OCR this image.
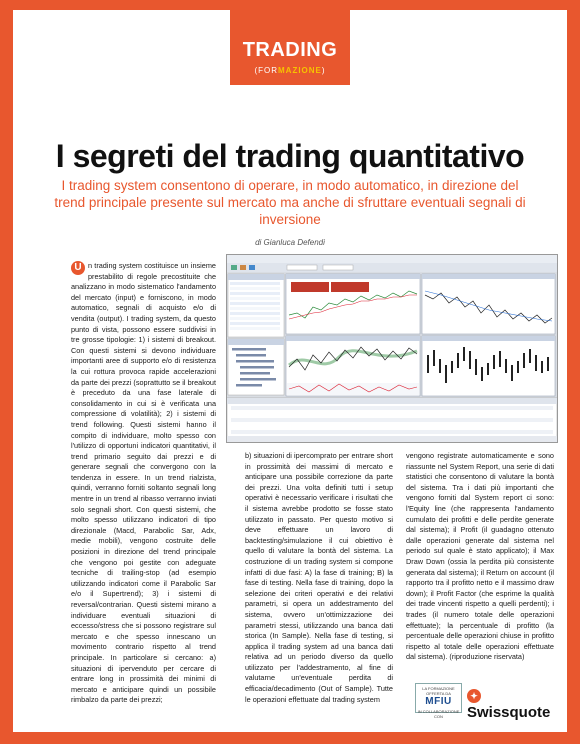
TRADING
(FORMAZIONE)
I segreti del trading quantitativo
I trading system consentono di operare, in modo automatico, in direzione del trend principale presente sul mercato ma anche di sfruttare eventuali segnali di inversione
di Gianluca Defendi
U n trading system costituisce un insieme prestabilito di regole precostituite che analizzano in modo sistematico l'andamento del mercato (input) e forniscono, in modo automatico, segnali di acquisto e/o di vendita (output). I trading system, da questo punto di vista, possono essere suddivisi in tre grosse tipologie: 1) i sistemi di breakout. Con questi sistemi si devono individuare importanti aree di supporto e/o di resistenza la cui rottura provoca rapide accelerazioni da parte dei prezzi (soprattutto se il breakout è preceduto da una fase laterale di consolidamento in cui si è verificata una compressione di volatilità); 2) i sistemi di trend following. Questi sistemi hanno il compito di individuare, molto spesso con l'utilizzo di opportuni indicatori quantitativi, il trend primario seguito dai prezzi e di generare segnali che convergono con la tendenza in essere. In un trend rialzista, quindi, verranno forniti soltanto segnali long mentre in un trend al ribasso verranno inviati solo segnali short. Con questi sistemi, che molto spesso utilizzano indicatori di tipo direzionale (Macd, Parabolic Sar, Adx, medie mobili), vengono costruite delle posizioni in direzione del trend principale che vengono poi gestite con adeguate tecniche di trailing-stop (ad esempio utilizzando indicatori come il Parabolic Sar e/o il Supertrend); 3) i sistemi di reversal/contrarian. Questi sistemi mirano a individuare eventuali situazioni di eccesso/stress che si possono registrare sul mercato e che spesso innescano un movimento contrario rispetto al trend principale. In particolare si cercano: a) situazioni di ipervenduto per cercare di entrare long in prossimità dei minimi di mercato e anticipare quindi un possibile rimbalzo da parte dei prezzi;

b) situazioni di ipercomprato per entrare short in prossimità dei massimi di mercato e anticipare una possibile correzione da parte dei prezzi. Una volta definiti tutti i setup operativi è necessario verificare i risultati che il sistema avrebbe prodotto se fosse stato utilizzato in passato. Per questo motivo si deve effettuare un lavoro di backtesting/simulazione il cui obiettivo è quello di valutare la bontà del sistema. La costruzione di un trading system si compone infatti di due fasi: A) la fase di training; B) la fase di testing. Nella fase di training, dopo la selezione dei criteri operativi e dei relativi parametri, si opera un addestramento del sistema, ovvero un'ottimizzazione dei parametri stessi, utilizzando una banca dati storica (In Sample). Nella fase di testing, si applica il trading system ad una banca dati relativa ad un periodo diverso da quello utilizzato per l'addestramento, al fine di valutarne un'eventuale perdita di efficacia/decadimento (Out of Sample). Tutte le operazioni effettuate dal trading system

vengono registrate automaticamente e sono riassunte nel System Report, una serie di dati statistici che consentono di valutare la bontà del sistema. Tra i dati più importanti che vengono forniti dal System report ci sono: l'Equity line (che rappresenta l'andamento cumulato dei profitti e delle perdite generate dal sistema); il Profit (il guadagno ottenuto dalle operazioni generate dal sistema nel periodo sul quale è stato applicato); il Max Draw Down (ossia la perdita più consistente generata dal sistema); il Return on account (il rapporto tra il profitto netto e il massimo draw down); il Profit Factor (che esprime la qualità dei trade vincenti rispetto a quelli perdenti); i trades (il numero totale delle operazioni effettuate); la percentuale di profitto (la percentuale delle operazioni chiuse in profitto rispetto al totale delle operazioni effettuate dal sistema). (riproduzione riservata)

LA FORMAZIONE OFFERTA DA
MFIU
IN COLLABORAZIONE CON
✦Swissquote
